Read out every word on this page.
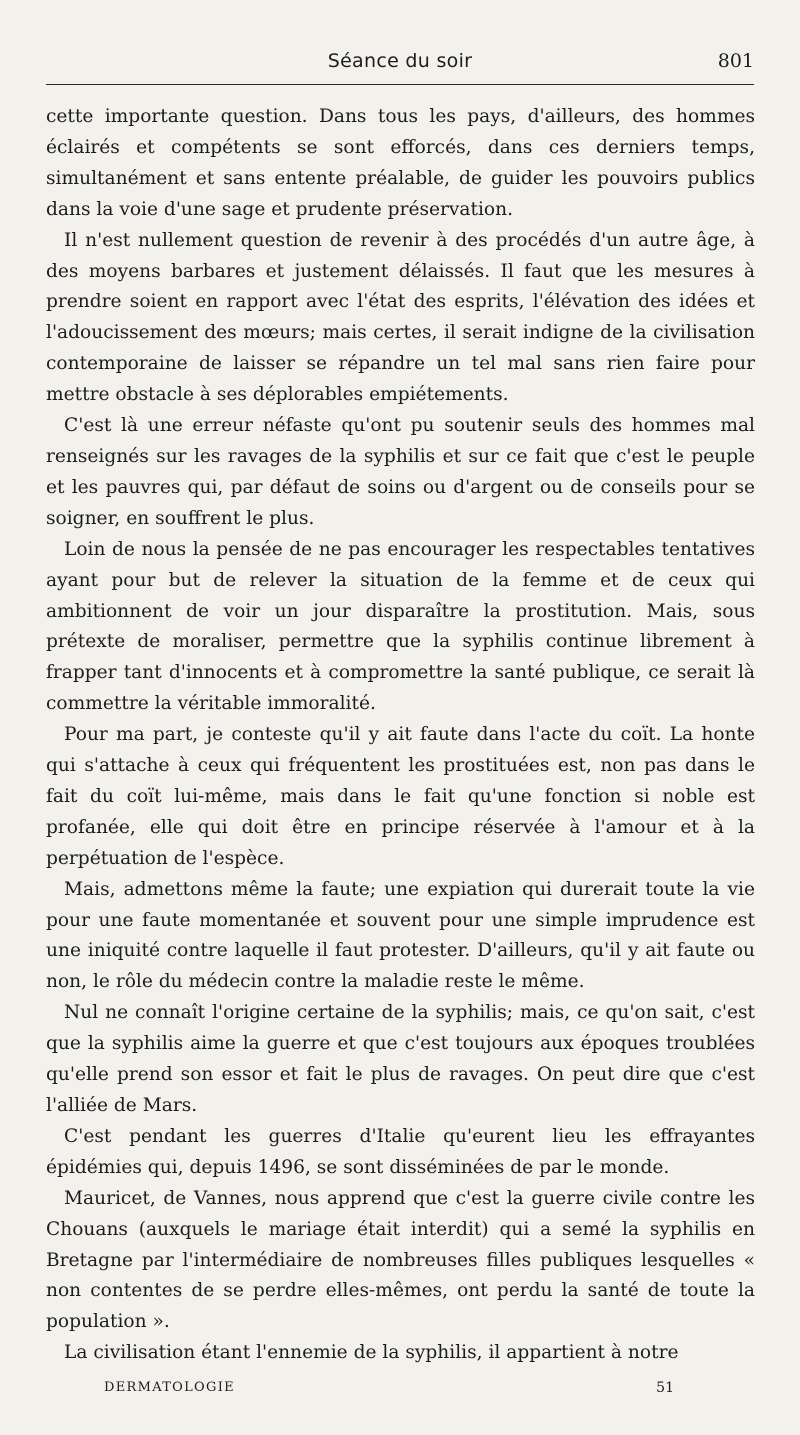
Séance du soir	801

cette importante question. Dans tous les pays, d'ailleurs, des hommes éclairés et compétents se sont efforcés, dans ces derniers temps, simultanément et sans entente préalable, de guider les pouvoirs publics dans la voie d'une sage et prudente préservation.

Il n'est nullement question de revenir à des procédés d'un autre âge, à des moyens barbares et justement délaissés. Il faut que les mesures à prendre soient en rapport avec l'état des esprits, l'élévation des idées et l'adoucissement des mœurs; mais certes, il serait indigne de la civilisation contemporaine de laisser se répandre un tel mal sans rien faire pour mettre obstacle à ses déplorables empiétements.

C'est là une erreur néfaste qu'ont pu soutenir seuls des hommes mal renseignés sur les ravages de la syphilis et sur ce fait que c'est le peuple et les pauvres qui, par défaut de soins ou d'argent ou de conseils pour se soigner, en souffrent le plus.

Loin de nous la pensée de ne pas encourager les respectables tentatives ayant pour but de relever la situation de la femme et de ceux qui ambitionnent de voir un jour disparaître la prostitution. Mais, sous prétexte de moraliser, permettre que la syphilis continue librement à frapper tant d'innocents et à compromettre la santé publique, ce serait là commettre la véritable immoralité.

Pour ma part, je conteste qu'il y ait faute dans l'acte du coït. La honte qui s'attache à ceux qui fréquentent les prostituées est, non pas dans le fait du coït lui-même, mais dans le fait qu'une fonction si noble est profanée, elle qui doit être en principe réservée à l'amour et à la perpétuation de l'espèce.

Mais, admettons même la faute; une expiation qui durerait toute la vie pour une faute momentanée et souvent pour une simple imprudence est une iniquité contre laquelle il faut protester. D'ailleurs, qu'il y ait faute ou non, le rôle du médecin contre la maladie reste le même.

Nul ne connaît l'origine certaine de la syphilis; mais, ce qu'on sait, c'est que la syphilis aime la guerre et que c'est toujours aux époques troublées qu'elle prend son essor et fait le plus de ravages. On peut dire que c'est l'alliée de Mars.

C'est pendant les guerres d'Italie qu'eurent lieu les effrayantes épidémies qui, depuis 1496, se sont disséminées de par le monde.

Mauricet, de Vannes, nous apprend que c'est la guerre civile contre les Chouans (auxquels le mariage était interdit) qui a semé la syphilis en Bretagne par l'intermédiaire de nombreuses filles publiques lesquelles « non contentes de se perdre elles-mêmes, ont perdu la santé de toute la population ».

La civilisation étant l'ennemie de la syphilis, il appartient à notre

DERMATOLOGIE	51
